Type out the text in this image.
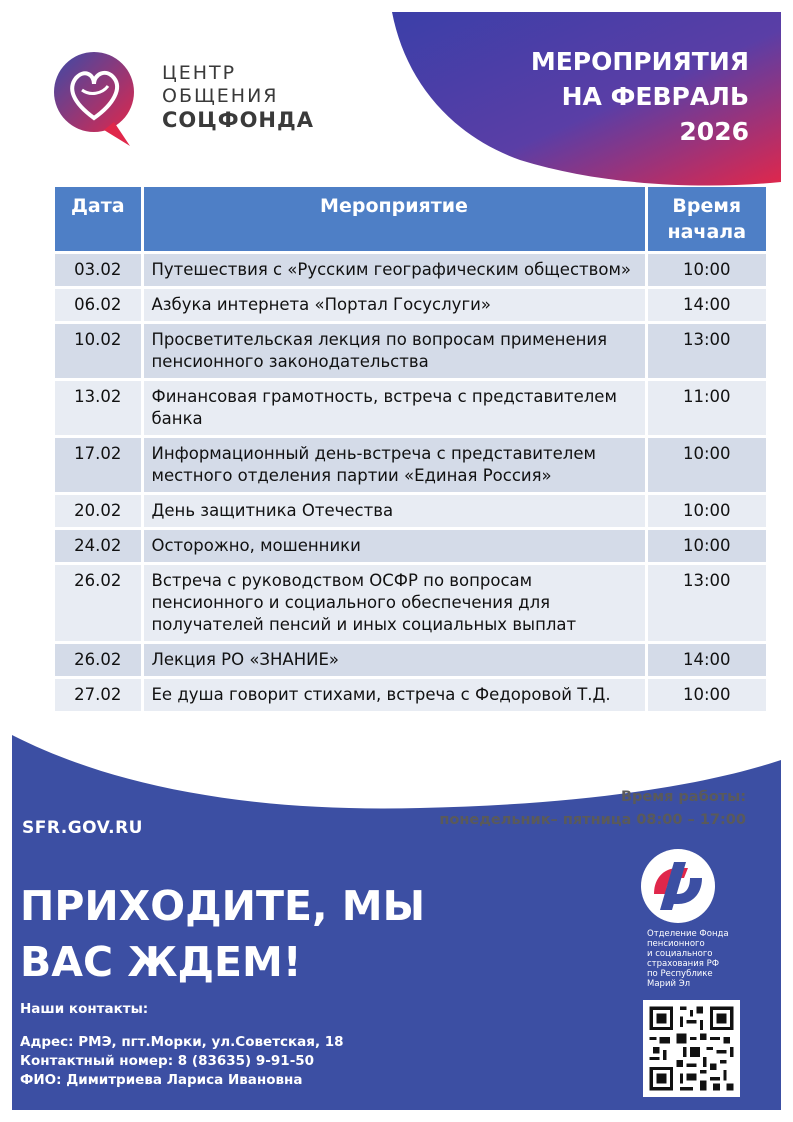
ЦЕНТР
ОБЩЕНИЯ
СОЦФОНДА
МЕРОПРИЯТИЯ
НА ФЕВРАЛЬ
2026
Дата	Мероприятие	Время
начала

03.02	Путешествия с «Русским географическим обществом»	10:00
06.02	Азбука интернета «Портал Госуслуги»	14:00
10.02	Просветительская лекция по вопросам применения пенсионного законодательства	13:00
13.02	Финансовая грамотность, встреча с представителем банка	11:00
17.02	Информационный день-встреча с представителем местного отделения партии «Единая Россия»	10:00
20.02	День защитника Отечества	10:00
24.02	Осторожно, мошенники	10:00
26.02	Встреча с руководством ОСФР по вопросам пенсионного и социального обеспечения для получателей пенсий и иных социальных выплат	13:00
26.02	Лекция РО «ЗНАНИЕ»	14:00
27.02	Ее душа говорит стихами, встреча с Федоровой Т.Д.	10:00
Время работы:
понедельник– пятница 08:00 – 17:00
SFR.GOV.RU
ПРИХОДИТЕ, МЫ
ВАС ЖДЕМ!
Наши контакты:
Адрес: РМЭ, пгт.Морки, ул.Советская, 18
Контактный номер: 8 (83635) 9-91-50
ФИО: Димитриева Лариса Ивановна
Отделение Фонда
пенсионного
и социального
страхования РФ
по Республике
Марий Эл
